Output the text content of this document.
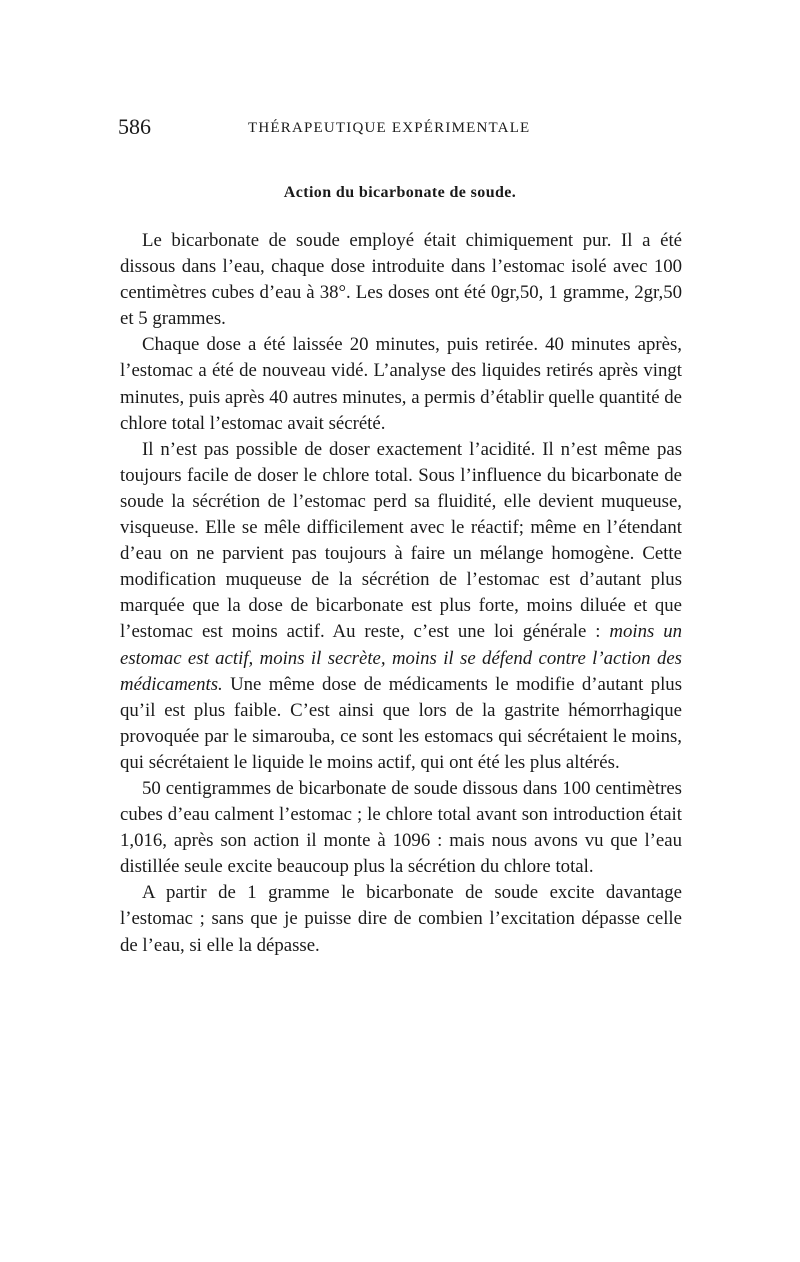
586	THÉRAPEUTIQUE EXPÉRIMENTALE
Action du bicarbonate de soude.

Le bicarbonate de soude employé était chimiquement pur. Il a été dissous dans l’eau, chaque dose introduite dans l’estomac isolé avec 100 centimètres cubes d’eau à 38°. Les doses ont été 0gr,50, 1 gramme, 2gr,50 et 5 grammes.

Chaque dose a été laissée 20 minutes, puis retirée. 40 minutes après, l’estomac a été de nouveau vidé. L’analyse des liquides retirés après vingt minutes, puis après 40 autres minutes, a permis d’établir quelle quantité de chlore total l’estomac avait sécrété.

Il n’est pas possible de doser exactement l’acidité. Il n’est même pas toujours facile de doser le chlore total. Sous l’influence du bicarbonate de soude la sécrétion de l’estomac perd sa fluidité, elle devient muqueuse, visqueuse. Elle se mêle difficilement avec le réactif; même en l’étendant d’eau on ne parvient pas toujours à faire un mélange homogène. Cette modification muqueuse de la sécrétion de l’estomac est d’autant plus marquée que la dose de bicarbonate est plus forte, moins diluée et que l’estomac est moins actif. Au reste, c’est une loi générale : moins un estomac est actif, moins il secrète, moins il se défend contre l’action des médicaments. Une même dose de médicaments le modifie d’autant plus qu’il est plus faible. C’est ainsi que lors de la gastrite hémorrhagique provoquée par le simarouba, ce sont les estomacs qui sécrétaient le moins, qui sécrétaient le liquide le moins actif, qui ont été les plus altérés.

50 centigrammes de bicarbonate de soude dissous dans 100 centimètres cubes d’eau calment l’estomac ; le chlore total avant son introduction était 1,016, après son action il monte à 1096 : mais nous avons vu que l’eau distillée seule excite beaucoup plus la sécrétion du chlore total.

A partir de 1 gramme le bicarbonate de soude excite davantage l’estomac ; sans que je puisse dire de combien l’excitation dépasse celle de l’eau, si elle la dépasse.
